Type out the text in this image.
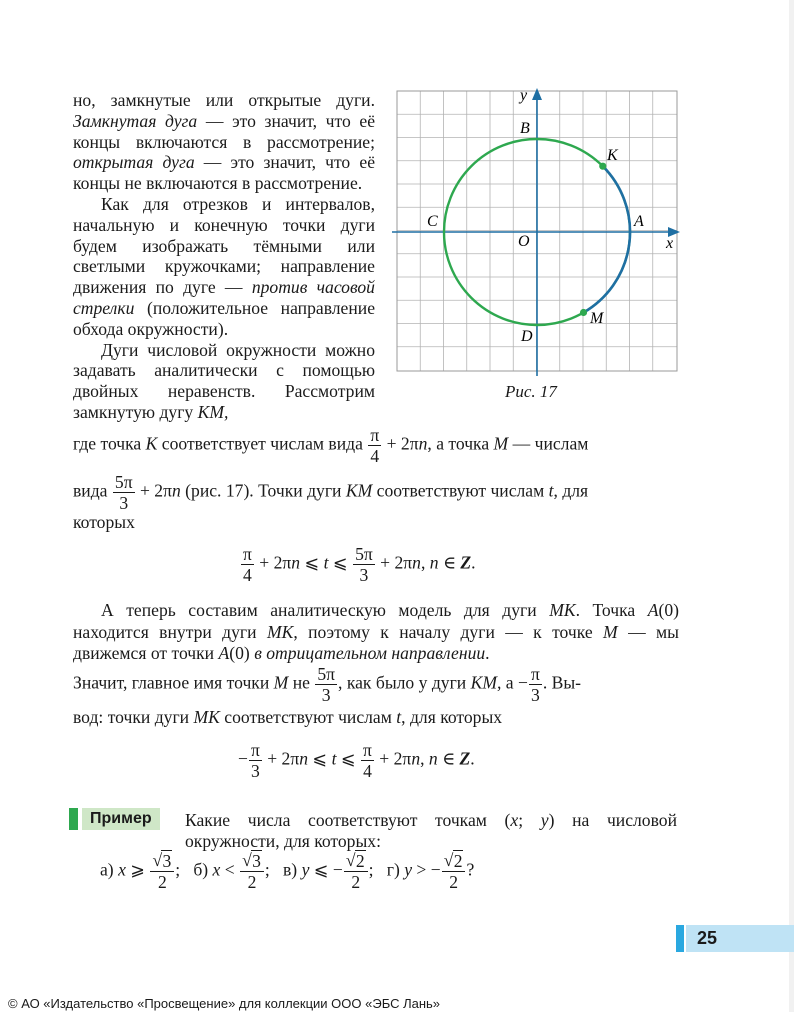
но, замкнутые или открытые дуги. Замкнутая дуга — это значит, что её концы включаются в рассмотрение; открытая дуга — это значит, что её концы не включаются в рассмотрение.

Как для отрезков и интервалов, начальную и конечную точки дуги будем изображать тёмными или светлыми кружочками; направление движения по дуге — против часовой стрелки (положительное направление обхода окружности).

Дуги числовой окружности можно задавать аналитически с помощью двойных неравенств. Рассмотрим замкнутую дугу KM,

y
x
A
B
C
D
O
K
M
Рис. 17
где точка K соответствует числам вида $\frac{\pi}{4} + 2\pi n$, а точка M — числам
вида $\frac{5\pi}{3} + 2\pi n$ (рис. 17). Точки дуги KM соответствуют числам t, для
которых
$\frac{\pi}{4} + 2\pi n$ ⩽ t ⩽ $\frac{5\pi}{3} + 2\pi n$, n ∈ Z.

А теперь составим аналитическую модель для дуги MK. Точка A(0) находится внутри дуги MK, поэтому к началу дуги — к точке M — мы движемся от точки A(0) в отрицательном направлении.

Значит, главное имя точки M не $\frac{5\pi}{3}$ , как было у дуги KM, $а - \frac{\pi}{3}$ . Вы-
вод: точки дуги MK соответствуют числам t, для которых
− $\frac{\pi}{3} + 2\pi n$ ⩽ t ⩽ $\frac{\pi}{4} + 2\pi n$, n ∈ Z.
Пример	Какие числа соответствуют точкам (x; y) на числовой окружности, для которых:

а) x ⩾ $\frac{√ 3}{2}$ ; б) $x < \frac{√ 3}{2}$ ; в) y ⩽ − $\frac{√ 2}{2}$ ; г) y > − $\frac{√ 2}{2}$ ?
25
© АО «Издательство «Просвещение» для коллекции ООО «ЭБС Лань»
